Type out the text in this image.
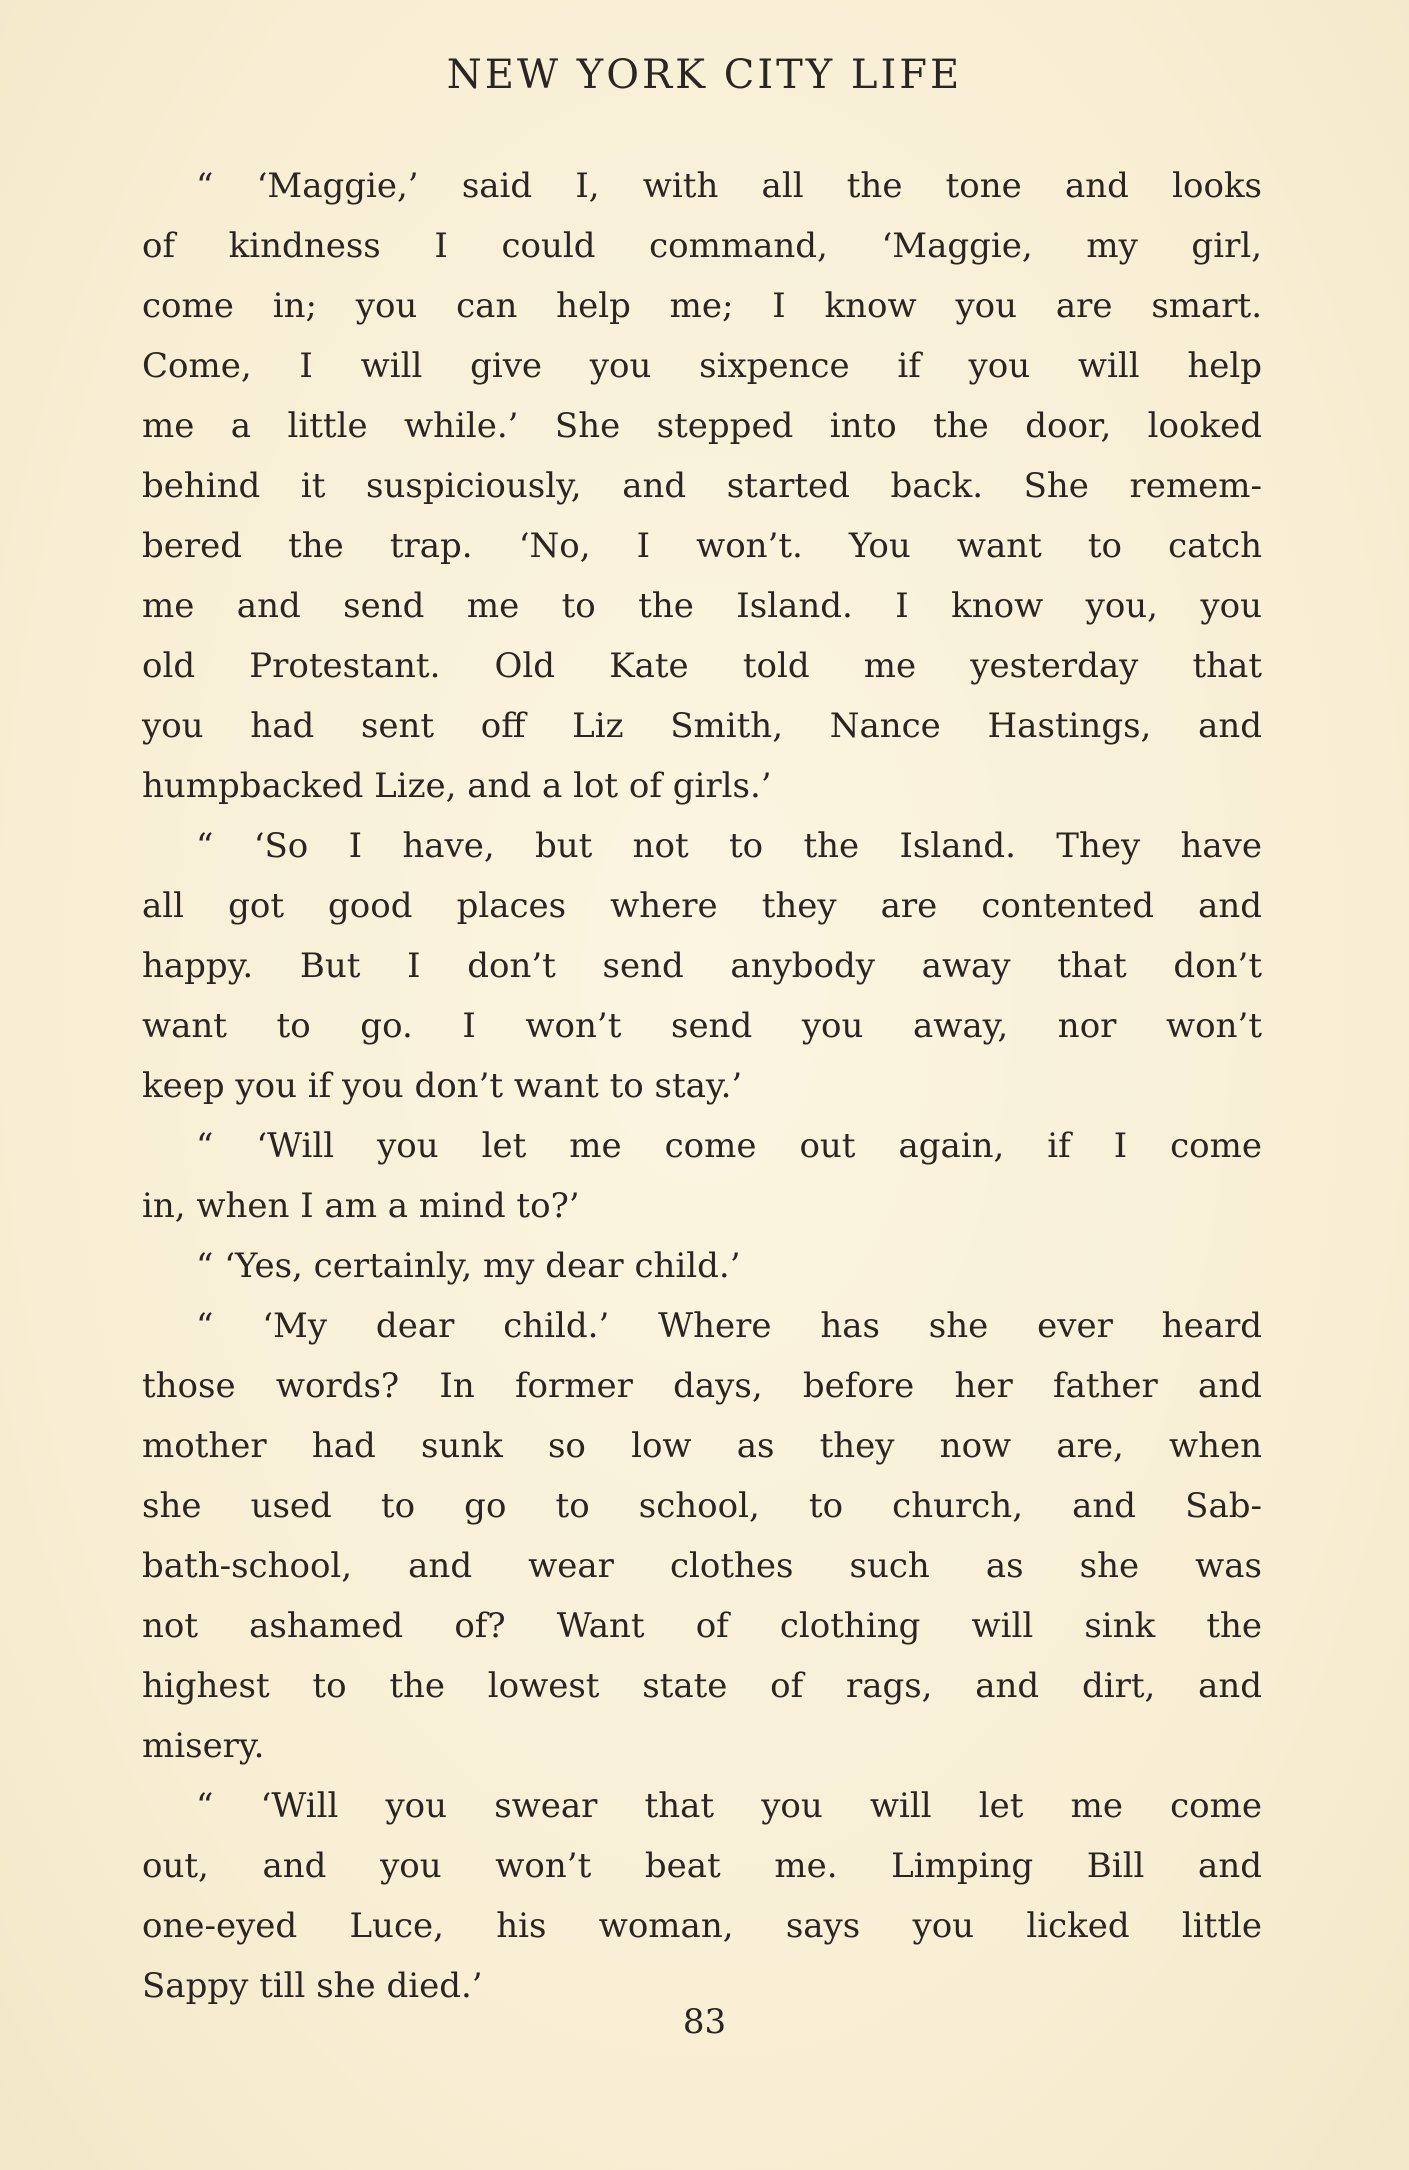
NEW YORK CITY LIFE
“ ‘Maggie,’ said I, with all the tone and looks
of kindness I could command, ‘Maggie, my girl,
come in; you can help me; I know you are smart.
Come, I will give you sixpence if you will help
me a little while.’ She stepped into the door, looked
behind it suspiciously, and started back. She remem-
bered the trap. ‘No, I won’t. You want to catch
me and send me to the Island. I know you, you
old Protestant. Old Kate told me yesterday that
you had sent off Liz Smith, Nance Hastings, and
humpbacked Lize, and a lot of girls.’
“ ‘So I have, but not to the Island. They have
all got good places where they are contented and
happy. But I don’t send anybody away that don’t
want to go. I won’t send you away, nor won’t
keep you if you don’t want to stay.’
“ ‘Will you let me come out again, if I come
in, when I am a mind to?’
“ ‘Yes, certainly, my dear child.’
“ ‘My dear child.’ Where has she ever heard
those words? In former days, before her father and
mother had sunk so low as they now are, when
she used to go to school, to church, and Sab-
bath-school, and wear clothes such as she was
not ashamed of? Want of clothing will sink the
highest to the lowest state of rags, and dirt, and
misery.
“ ‘Will you swear that you will let me come
out, and you won’t beat me. Limping Bill and
one-eyed Luce, his woman, says you licked little
Sappy till she died.’
83
